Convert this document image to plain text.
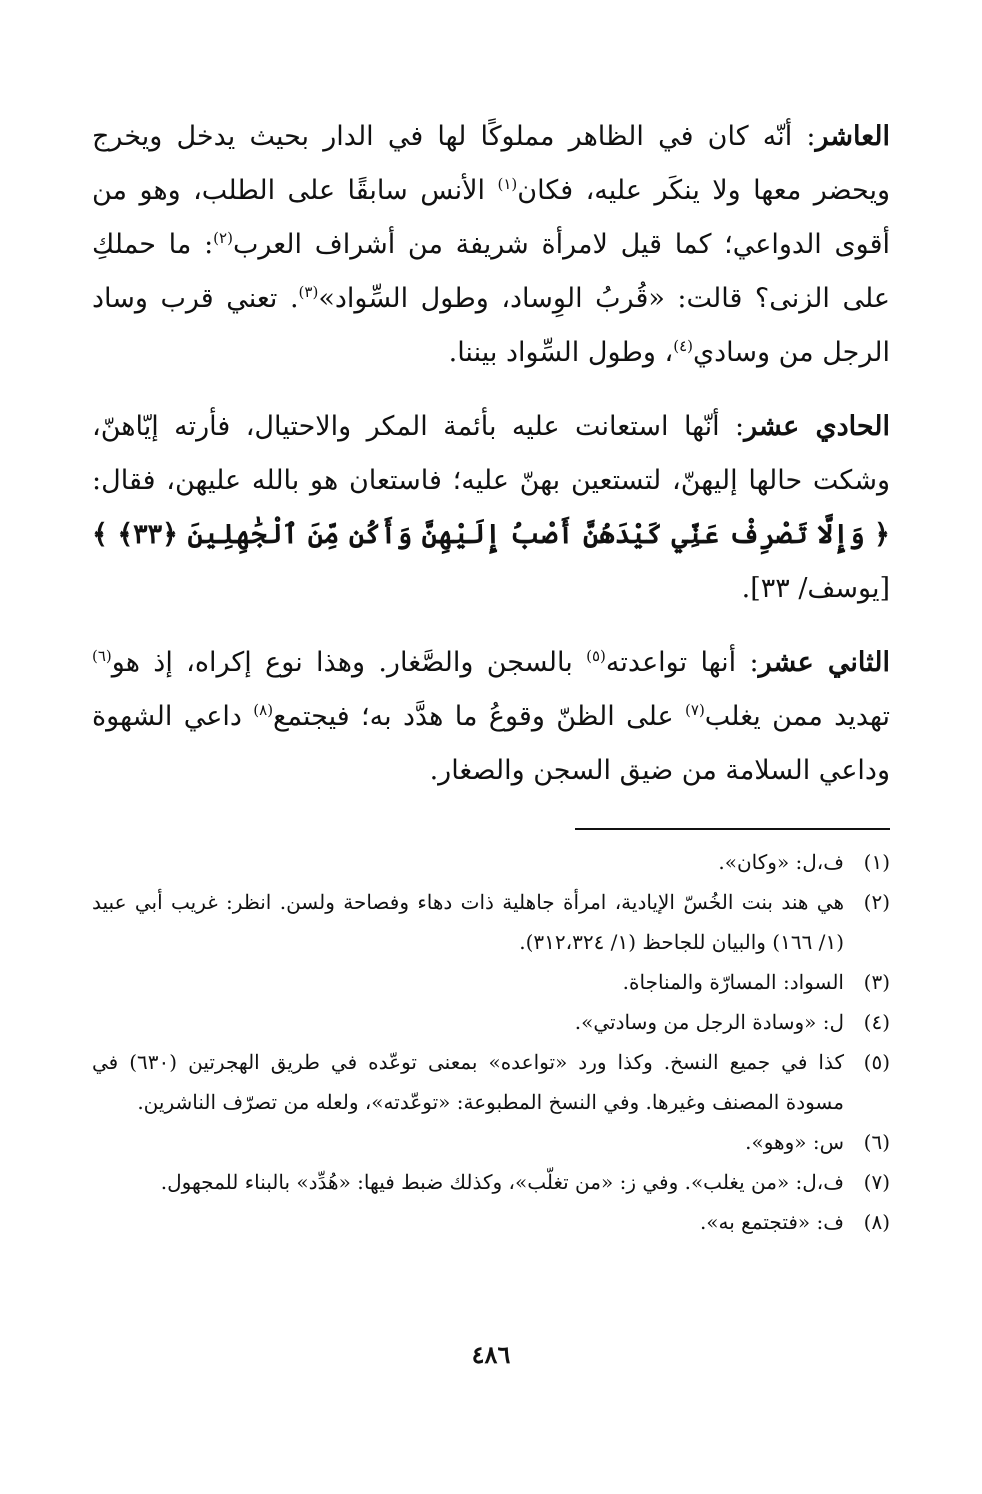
العاشر: أنّه كان في الظاهر مملوكًا لها في الدار بحيث يدخل ويخرج ويحضر معها ولا ينكَر عليه، فكان$^{(١)}$ الأنس سابقًا على الطلب، وهو من أقوى الدواعي؛ كما قيل لامرأة شريفة من أشراف العرب$^{(٢)}$: ما حملكِ على الزنى؟ قالت: «قُربُ الوِساد، وطول السِّواد»$^{(٣)}$. تعني قرب وساد الرجل من وسادي$^{(٤)}$، وطول السِّواد بيننا.

الحادي عشر: أنّها استعانت عليه بأئمة المكر والاحتيال، فأرته إيّاهنّ، وشكت حالها إليهنّ، لتستعين بهنّ عليه؛ فاستعان هو بالله عليهن، فقال: ﴿ وَإِلَّا تَصْرِفْ عَنِّي كَيْدَهُنَّ أَصْبُ إِلَيْهِنَّ وَأَكُن مِّنَ ٱلْجَٰهِلِينَ ﴿٣٣﴾ ﴾ [يوسف/ ٣٣].

الثاني عشر: أنها تواعدته$^{(٥)}$ بالسجن والصَّغار. وهذا نوع إكراه، إذ هو$^{(٦)}$ تهديد ممن يغلب$^{(٧)}$ على الظنّ وقوعُ ما هدَّد به؛ فيجتمع$^{(٨)}$ داعي الشهوة وداعي السلامة من ضيق السجن والصغار.

(١)
ف،ل: «وكان».
(٢)
هي هند بنت الخُسّ الإيادية، امرأة جاهلية ذات دهاء وفصاحة ولسن. انظر: غريب أبي عبيد (١/ ١٦٦) والبيان للجاحظ (١/ ٣١٢،٣٢٤).
(٣)
السواد: المسارّة والمناجاة.
(٤)
ل: «وسادة الرجل من وسادتي».
(٥)
كذا في جميع النسخ. وكذا ورد «تواعده» بمعنى توعّده في طريق الهجرتين (٦٣٠) في مسودة المصنف وغيرها. وفي النسخ المطبوعة: «توعّدته»، ولعله من تصرّف الناشرين.
(٦)
س: «وهو».
(٧)
ف،ل: «من يغلب». وفي ز: «من تغلّب»، وكذلك ضبط فيها: «هُدِّد» بالبناء للمجهول.
(٨)
ف: «فتجتمع به».
٤٨٦
